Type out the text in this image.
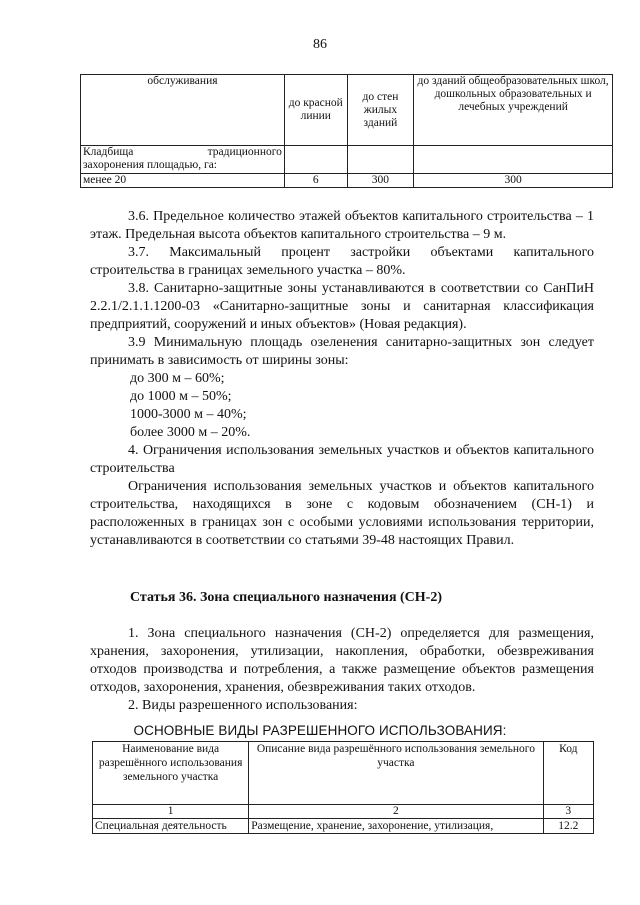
86
обслуживания	до красной линии	до стен жилых зданий	до зданий общеобразовательных школ, дошкольных образовательных и лечебных учреждений

Кладбища традиционного
захоронения площадью, га:			

менее 20	6	300	300

3.6. Предельное количество этажей объектов капитального строительства – 1 этаж. Предельная высота объектов капитального строительства – 9 м.

3.7. Максимальный процент застройки объектами капитального строительства в границах земельного участка – 80%.

3.8. Санитарно-защитные зоны устанавливаются в соответствии со СанПиН 2.2.1/2.1.1.1200-03 «Санитарно-защитные зоны и санитарная классификация предприятий, сооружений и иных объектов» (Новая редакция).

3.9 Минимальную площадь озеленения санитарно-защитных зон следует принимать в зависимость от ширины зоны:

до 300 м – 60%;
до 1000 м – 50%;
1000-3000 м – 40%;
более 3000 м – 20%.

4. Ограничения использования земельных участков и объектов капитального строительства

Ограничения использования земельных участков и объектов капитального строительства, находящихся в зоне с кодовым обозначением (СН-1) и расположенных в границах зон с особыми условиями использования территории, устанавливаются в соответствии со статьями 39-48 настоящих Правил.

Статья 36. Зона специального назначения (СН-2)

1. Зона специального назначения (СН-2) определяется для размещения, хранения, захоронения, утилизации, накопления, обработки, обезвреживания отходов производства и потребления, а также размещение объектов размещения отходов, захоронения, хранения, обезвреживания таких отходов.

2. Виды разрешенного использования:

ОСНОВНЫЕ ВИДЫ РАЗРЕШЕННОГО ИСПОЛЬЗОВАНИЯ:
Наименование вида разрешённого использования земельного участка	Описание вида разрешённого использования земельного участка	Код
1	2	3
Специальная деятельность	Размещение, хранение, захоронение, утилизация,	12.2
